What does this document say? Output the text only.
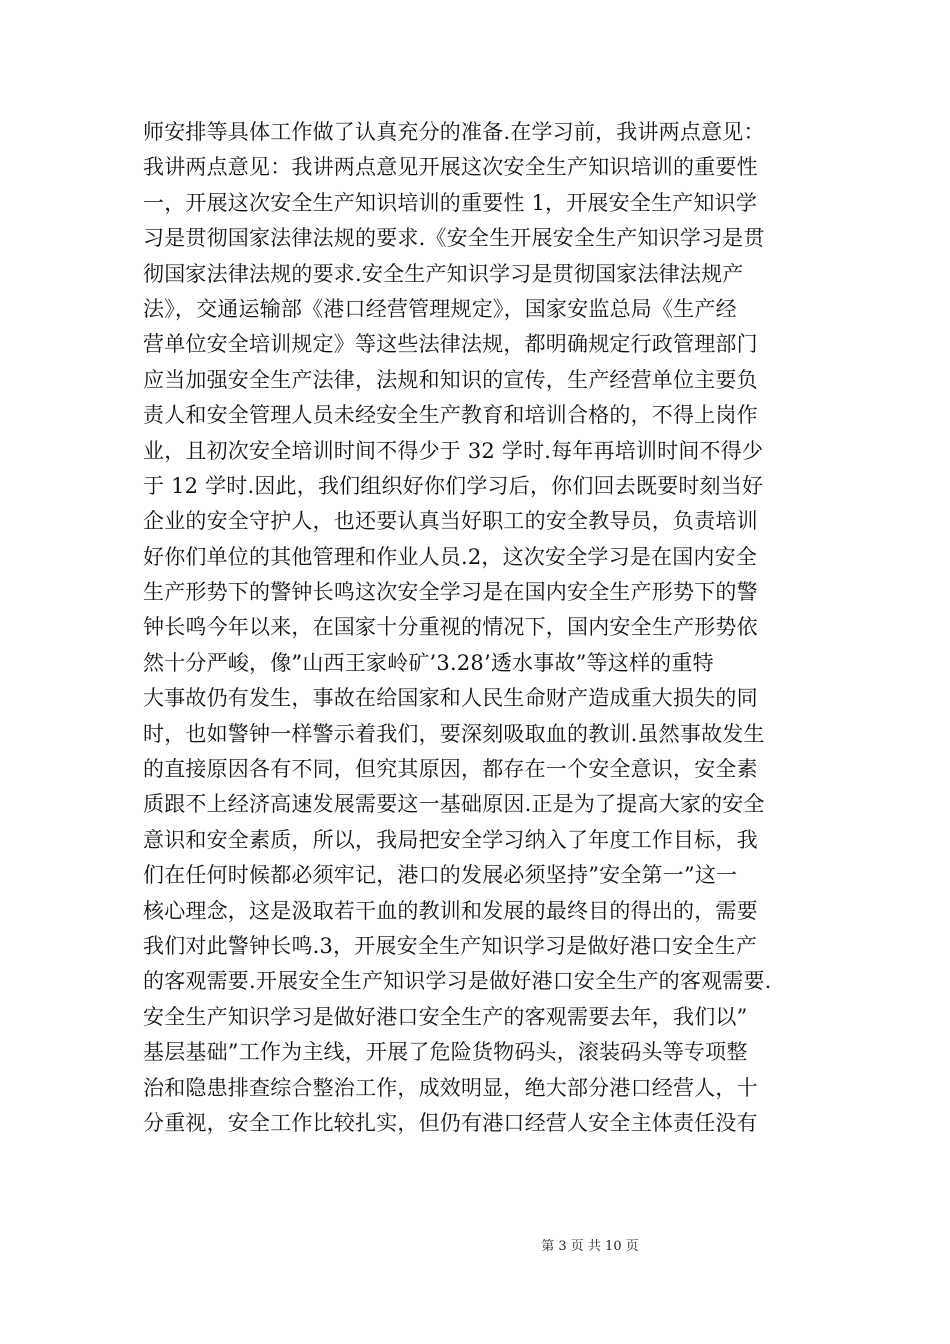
师安排等具体工作做了认真充分的准备.在学习前，我讲两点意见：
我讲两点意见：我讲两点意见开展这次安全生产知识培训的重要性
一，开展这次安全生产知识培训的重要性 1，开展安全生产知识学
习是贯彻国家法律法规的要求.《安全生开展安全生产知识学习是贯
彻国家法律法规的要求.安全生产知识学习是贯彻国家法律法规产
法》，交通运输部《港口经营管理规定》，国家安监总局《生产经
营单位安全培训规定》等这些法律法规，都明确规定行政管理部门
应当加强安全生产法律，法规和知识的宣传，生产经营单位主要负
责人和安全管理人员未经安全生产教育和培训合格的，不得上岗作
业，且初次安全培训时间不得少于 32 学时.每年再培训时间不得少
于 12 学时.因此，我们组织好你们学习后，你们回去既要时刻当好
企业的安全守护人，也还要认真当好职工的安全教导员，负责培训
好你们单位的其他管理和作业人员.2，这次安全学习是在国内安全
生产形势下的警钟长鸣这次安全学习是在国内安全生产形势下的警
钟长鸣今年以来，在国家十分重视的情况下，国内安全生产形势依
然十分严峻，像”山西王家岭矿’3.28’透水事故”等这样的重特
大事故仍有发生，事故在给国家和人民生命财产造成重大损失的同
时，也如警钟一样警示着我们，要深刻吸取血的教训.虽然事故发生
的直接原因各有不同，但究其原因，都存在一个安全意识，安全素
质跟不上经济高速发展需要这一基础原因.正是为了提高大家的安全
意识和安全素质，所以，我局把安全学习纳入了年度工作目标，我
们在任何时候都必须牢记，港口的发展必须坚持”安全第一”这一
核心理念，这是汲取若干血的教训和发展的最终目的得出的，需要
我们对此警钟长鸣.3，开展安全生产知识学习是做好港口安全生产
的客观需要.开展安全生产知识学习是做好港口安全生产的客观需要.
安全生产知识学习是做好港口安全生产的客观需要去年，我们以”
基层基础”工作为主线，开展了危险货物码头，滚装码头等专项整
治和隐患排查综合整治工作，成效明显，绝大部分港口经营人，十
分重视，安全工作比较扎实，但仍有港口经营人安全主体责任没有
第 3 页 共 10 页
